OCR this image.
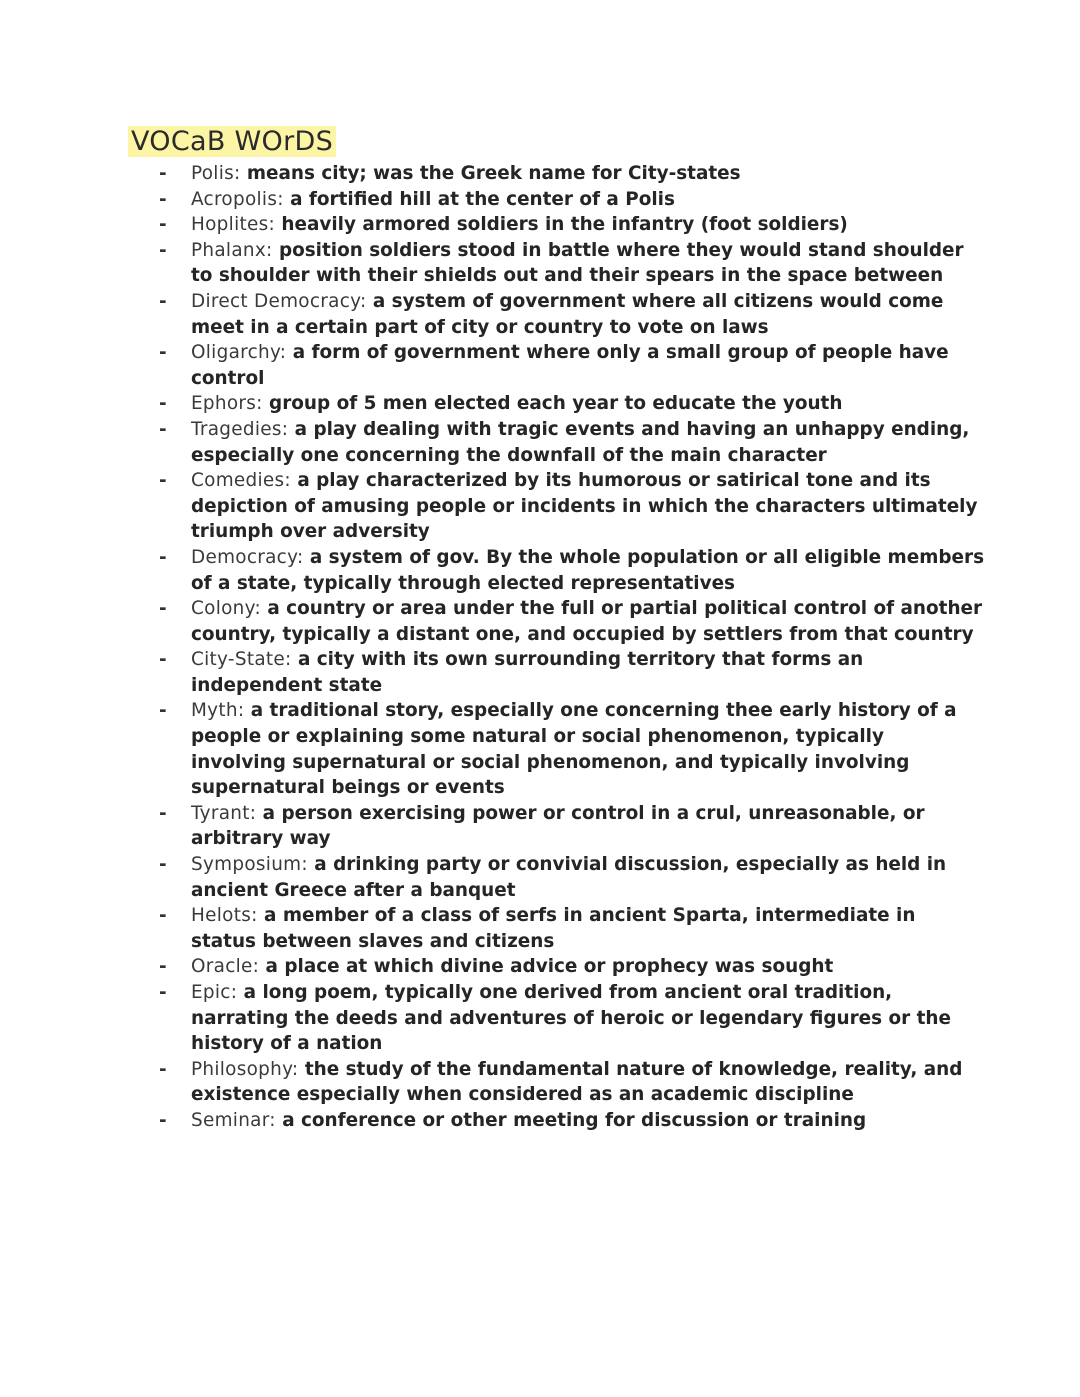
VOCaB WOrDS
- Polis: means city; was the Greek name for City-states
- Acropolis: a fortified hill at the center of a Polis
- Hoplites: heavily armored soldiers in the infantry (foot soldiers)
- Phalanx: position soldiers stood in battle where they would stand shoulder to shoulder with their shields out and their spears in the space between
- Direct Democracy: a system of government where all citizens would come meet in a certain part of city or country to vote on laws
- Oligarchy: a form of government where only a small group of people have control
- Ephors: group of 5 men elected each year to educate the youth
- Tragedies: a play dealing with tragic events and having an unhappy ending, especially one concerning the downfall of the main character
- Comedies: a play characterized by its humorous or satirical tone and its depiction of amusing people or incidents in which the characters ultimately triumph over adversity
- Democracy: a system of gov. By the whole population or all eligible members of a state, typically through elected representatives
- Colony: a country or area under the full or partial political control of another country, typically a distant one, and occupied by settlers from that country
- City-State: a city with its own surrounding territory that forms an independent state
- Myth: a traditional story, especially one concerning thee early history of a people or explaining some natural or social phenomenon, typically involving supernatural or social phenomenon, and typically involving supernatural beings or events
- Tyrant: a person exercising power or control in a crul, unreasonable, or arbitrary way
- Symposium: a drinking party or convivial discussion, especially as held in ancient Greece after a banquet
- Helots: a member of a class of serfs in ancient Sparta, intermediate in status between slaves and citizens
- Oracle: a place at which divine advice or prophecy was sought
- Epic: a long poem, typically one derived from ancient oral tradition, narrating the deeds and adventures of heroic or legendary figures or the history of a nation
- Philosophy: the study of the fundamental nature of knowledge, reality, and existence especially when considered as an academic discipline
- Seminar: a conference or other meeting for discussion or training
